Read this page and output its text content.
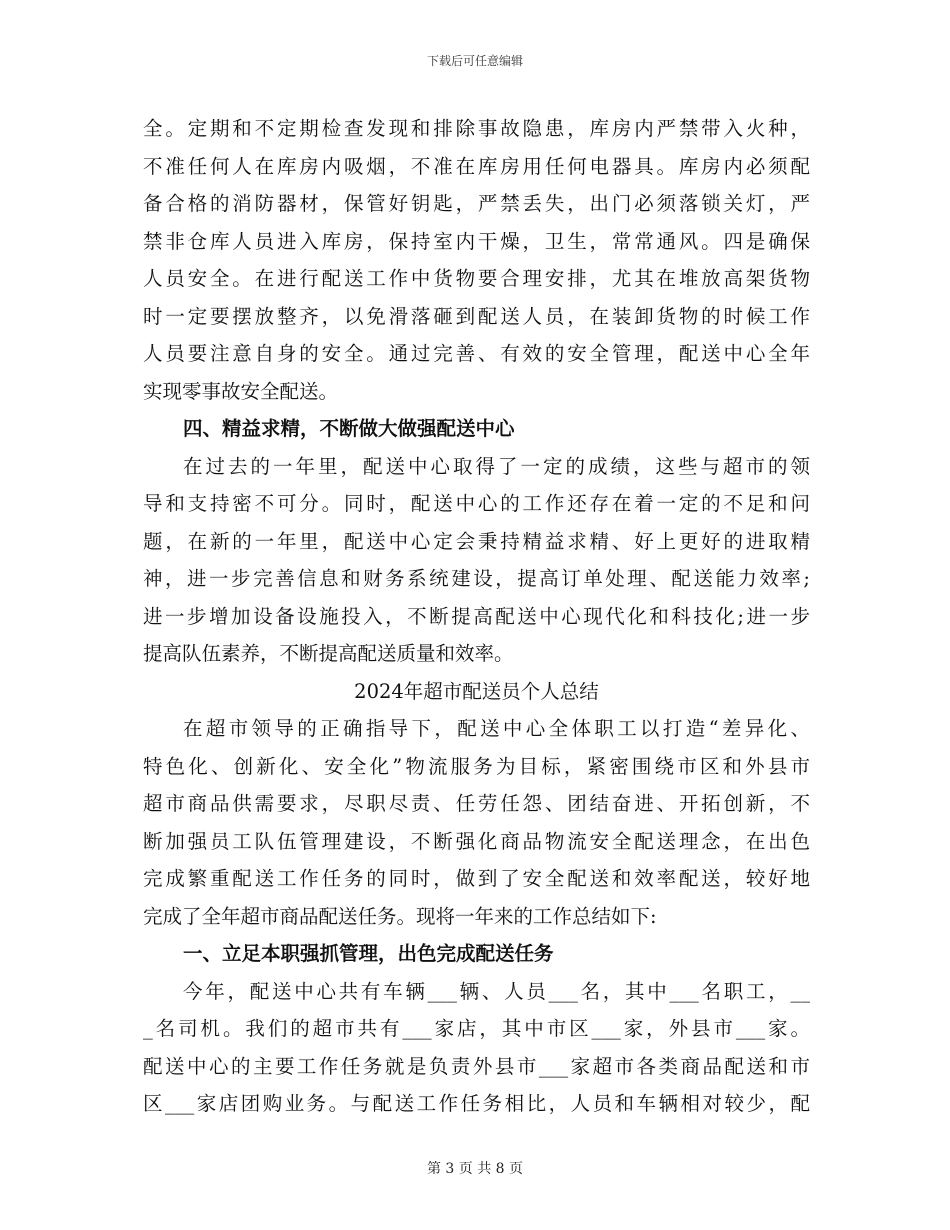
下载后可任意编辑
全。定期和不定期检查发现和排除事故隐患，库房内严禁带入火种，
不准任何人在库房内吸烟，不准在库房用任何电器具。库房内必须配
备合格的消防器材，保管好钥匙，严禁丢失，出门必须落锁关灯，严
禁非仓库人员进入库房，保持室内干燥，卫生，常常通风。四是确保
人员安全。在进行配送工作中货物要合理安排，尤其在堆放高架货物
时一定要摆放整齐，以免滑落砸到配送人员，在装卸货物的时候工作
人员要注意自身的安全。通过完善、有效的安全管理，配送中心全年
实现零事故安全配送。
四、精益求精，不断做大做强配送中心
在过去的一年里，配送中心取得了一定的成绩，这些与超市的领
导和支持密不可分。同时，配送中心的工作还存在着一定的不足和问
题，在新的一年里，配送中心定会秉持精益求精、好上更好的进取精
神，进一步完善信息和财务系统建设，提高订单处理、配送能力效率;
进一步增加设备设施投入，不断提高配送中心现代化和科技化;进一步
提高队伍素养，不断提高配送质量和效率。
2024年超市配送员个人总结
在超市领导的正确指导下，配送中心全体职工以打造“差异化、
特色化、创新化、安全化”物流服务为目标，紧密围绕市区和外县市
超市商品供需要求，尽职尽责、任劳任怨、团结奋进、开拓创新，不
断加强员工队伍管理建设，不断强化商品物流安全配送理念，在出色
完成繁重配送工作任务的同时，做到了安全配送和效率配送，较好地
完成了全年超市商品配送任务。现将一年来的工作总结如下:
一、立足本职强抓管理，出色完成配送任务
今年，配送中心共有车辆___辆、人员___名，其中___名职工，__
_名司机。我们的超市共有___家店，其中市区___家，外县市___家。
配送中心的主要工作任务就是负责外县市___家超市各类商品配送和市
区___家店团购业务。与配送工作任务相比，人员和车辆相对较少，配
第 3 页 共 8 页
